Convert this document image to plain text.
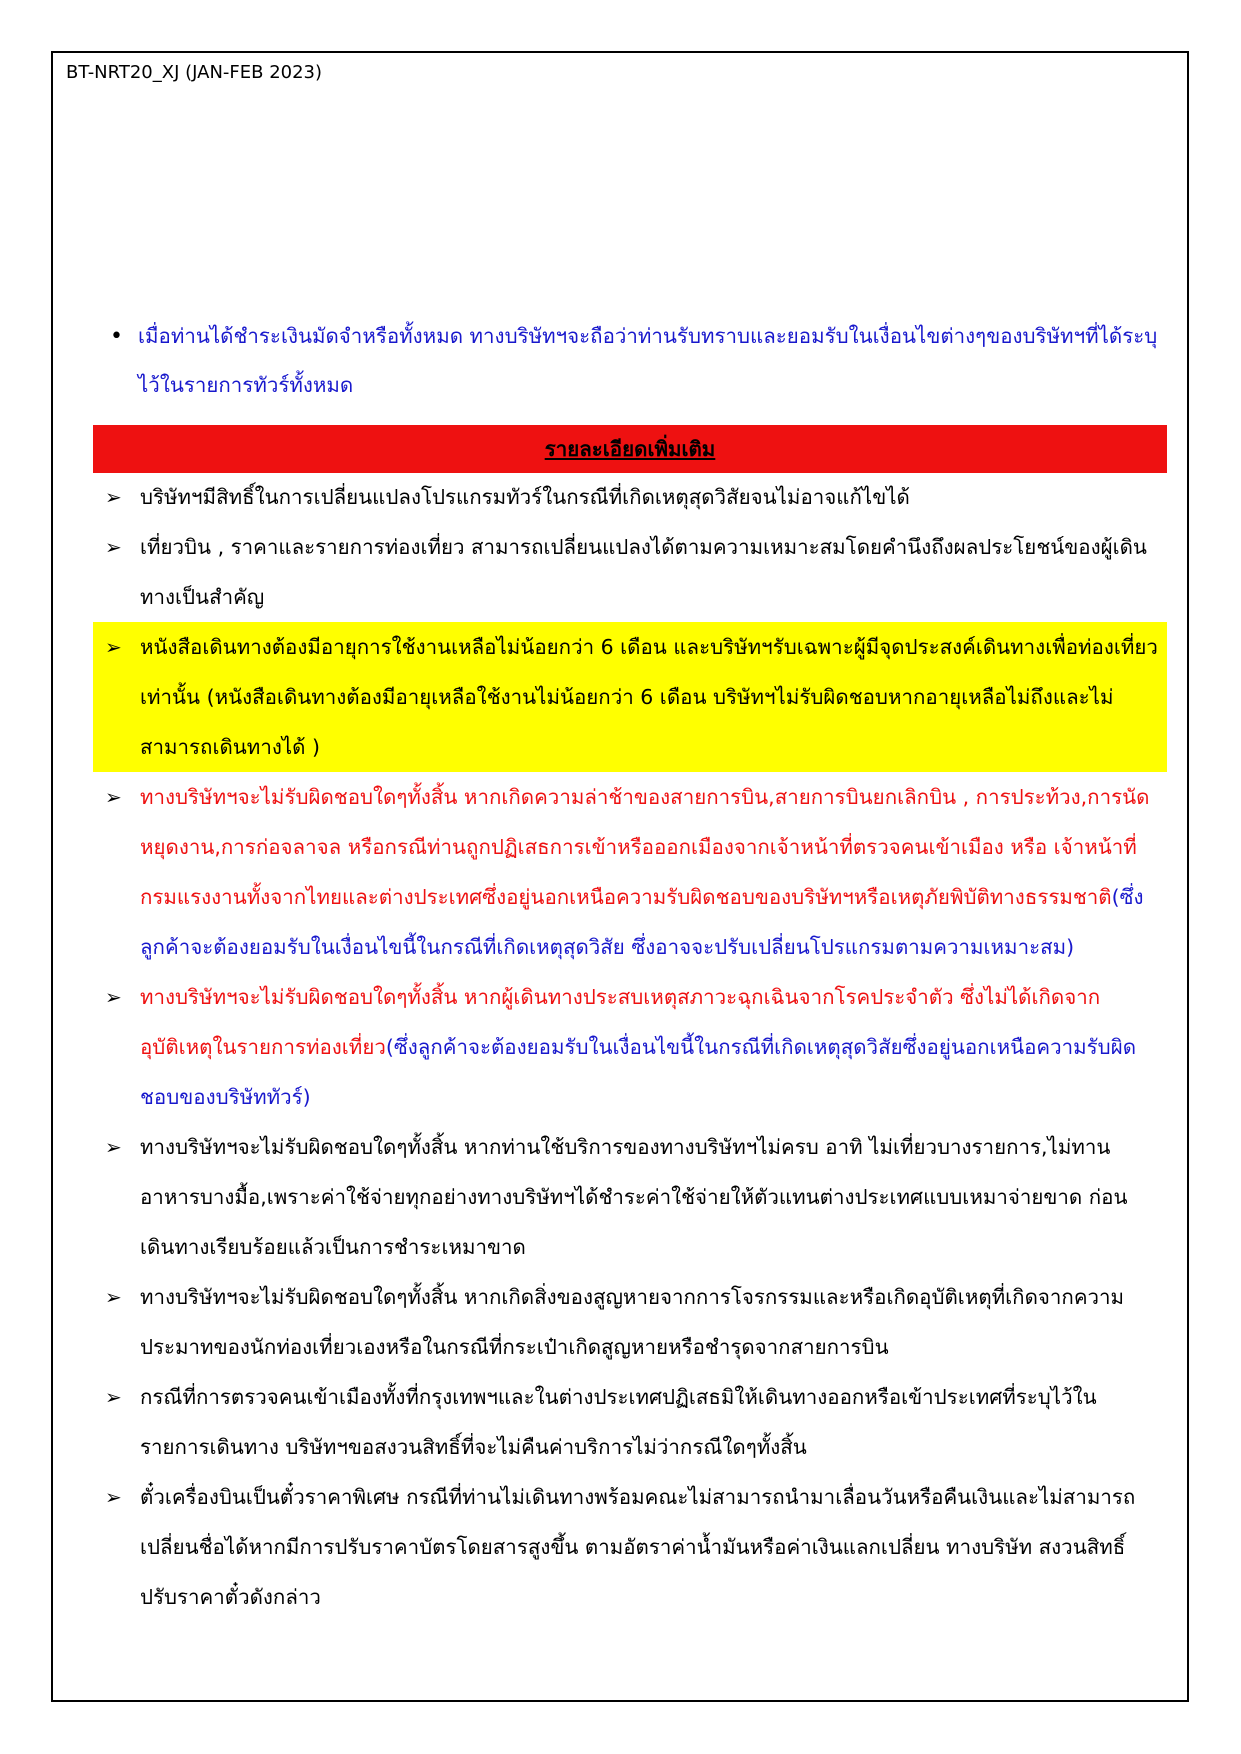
BT-NRT20_XJ (JAN-FEB 2023)
• เมื่อท่านได้ชำระเงินมัดจำหรือทั้งหมด ทางบริษัทฯจะถือว่าท่านรับทราบและยอมรับในเงื่อนไขต่างๆของบริษัทฯที่ได้ระบุไว้ในรายการทัวร์ทั้งหมด
รายละเอียดเพิ่มเติม
➢ บริษัทฯมีสิทธิ์ในการเปลี่ยนแปลงโปรแกรมทัวร์ในกรณีที่เกิดเหตุสุดวิสัยจนไม่อาจแก้ไขได้
➢ เที่ยวบิน , ราคาและรายการท่องเที่ยว สามารถเปลี่ยนแปลงได้ตามความเหมาะสมโดยคำนึงถึงผลประโยชน์ของผู้เดินทางเป็นสำคัญ
➢ หนังสือเดินทางต้องมีอายุการใช้งานเหลือไม่น้อยกว่า 6 เดือน และบริษัทฯรับเฉพาะผู้มีจุดประสงค์เดินทางเพื่อท่องเที่ยวเท่านั้น (หนังสือเดินทางต้องมีอายุเหลือใช้งานไม่น้อยกว่า 6 เดือน บริษัทฯไม่รับผิดชอบหากอายุเหลือไม่ถึงและไม่สามารถเดินทางได้ )
➢ ทางบริษัทฯจะไม่รับผิดชอบใดๆทั้งสิ้น หากเกิดความล่าช้าของสายการบิน,สายการบินยกเลิกบิน , การประท้วง,การนัดหยุดงาน,การก่อจลาจล หรือกรณีท่านถูกปฏิเสธการเข้าหรือออกเมืองจากเจ้าหน้าที่ตรวจคนเข้าเมือง หรือ เจ้าหน้าที่กรมแรงงานทั้งจากไทยและต่างประเทศซึ่งอยู่นอกเหนือความรับผิดชอบของบริษัทฯหรือเหตุภัยพิบัติทางธรรมชาติ(ซึ่งลูกค้าจะต้องยอมรับในเงื่อนไขนี้ในกรณีที่เกิดเหตุสุดวิสัย ซึ่งอาจจะปรับเปลี่ยนโปรแกรมตามความเหมาะสม)
➢ ทางบริษัทฯจะไม่รับผิดชอบใดๆทั้งสิ้น หากผู้เดินทางประสบเหตุสภาวะฉุกเฉินจากโรคประจำตัว ซึ่งไม่ได้เกิดจากอุบัติเหตุในรายการท่องเที่ยว(ซึ่งลูกค้าจะต้องยอมรับในเงื่อนไขนี้ในกรณีที่เกิดเหตุสุดวิสัยซึ่งอยู่นอกเหนือความรับผิดชอบของบริษัททัวร์)
➢ ทางบริษัทฯจะไม่รับผิดชอบใดๆทั้งสิ้น หากท่านใช้บริการของทางบริษัทฯไม่ครบ อาทิ ไม่เที่ยวบางรายการ,ไม่ทานอาหารบางมื้อ,เพราะค่าใช้จ่ายทุกอย่างทางบริษัทฯได้ชำระค่าใช้จ่ายให้ตัวแทนต่างประเทศแบบเหมาจ่ายขาด ก่อนเดินทางเรียบร้อยแล้วเป็นการชำระเหมาขาด
➢ ทางบริษัทฯจะไม่รับผิดชอบใดๆทั้งสิ้น หากเกิดสิ่งของสูญหายจากการโจรกรรมและหรือเกิดอุบัติเหตุที่เกิดจากความประมาทของนักท่องเที่ยวเองหรือในกรณีที่กระเป๋าเกิดสูญหายหรือชำรุดจากสายการบิน
➢ กรณีที่การตรวจคนเข้าเมืองทั้งที่กรุงเทพฯและในต่างประเทศปฏิเสธมิให้เดินทางออกหรือเข้าประเทศที่ระบุไว้ในรายการเดินทาง บริษัทฯขอสงวนสิทธิ์ที่จะไม่คืนค่าบริการไม่ว่ากรณีใดๆทั้งสิ้น
➢ ตั๋วเครื่องบินเป็นตั๋วราคาพิเศษ กรณีที่ท่านไม่เดินทางพร้อมคณะไม่สามารถนำมาเลื่อนวันหรือคืนเงินและไม่สามารถเปลี่ยนชื่อได้หากมีการปรับราคาบัตรโดยสารสูงขึ้น ตามอัตราค่าน้ำมันหรือค่าเงินแลกเปลี่ยน ทางบริษัท สงวนสิทธิ์ปรับราคาตั๋วดังกล่าว
